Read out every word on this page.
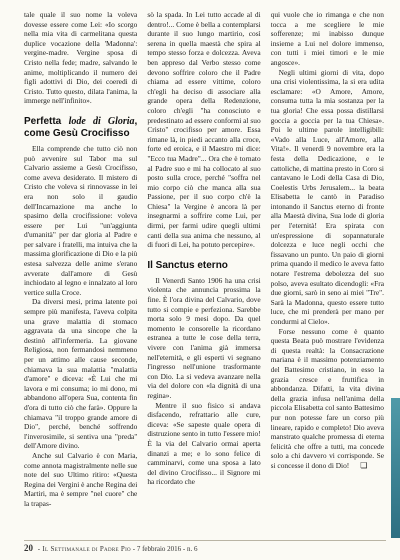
tale quale il suo nome la volevа dovesse essere come Lei: «Io scorgo nella mia vita di carmelitana questa duplice vocazione della 'Madonna': vergine-madre. Vergine sposa di Cristo nella fede; madre, salvando le anime, moltiplicando il numero dei figli adottivi di Dio, dei coeredi di Cristo. Tutto questo, dilata l'anima, la immerge nell'infinito».

Perfetta lode di Gloria, come Gesù Crocifisso

Ella comprende che tutto ciò non può avvenire sul Tabor ma sul Calvario assieme a Gesù Crocifisso, come aveva desiderato. Il mistero di Cristo che voleva si rinnovasse in lei era non solo il gaudio dell'Incarnazione ma anche lo spasimo della crocifissione: voleva essere per Lui "un'aggiunta d'umanità" per dar gloria al Padre e per salvare i fratelli, ma intuiva che la massima glorificazione di Dio e la più estesa salvezza delle anime s'erano avverate dall'amore di Gesù inchiodato al legno e innalzato al loro vertice sulla Croce.

Da diversi mesi, prima latente poi sempre più manifesta, l'aveva colpita una grave malattia di stomaco aggravata da una sincope che la destinò all'infermeria. La giovane Religiosa, non fermandosi nemmeno per un attimo alle cause seconde, chiamava la sua malattia "malattia d'amore" e diceva: «È Lui che mi lavora e mi consuma; io mi dono, mi abbandono all'opera Sua, contenta fin d'ora di tutto ciò che farà». Oppure la chiamava "il troppo grande amore di Dio", perché, benché soffrendo l'inverosimile, si sentiva una "preda" dell'Amore divino.

Anche sul Calvario è con Maria, come annota magistralmente nelle sue note del suo Ultimo ritiro: «Questa Regina dei Vergini è anche Regina dei Martiri, ma è sempre "nel cuore" che la trapas-

sò la spada. In Lei tutto accade al di dentro!... Come è bella a contemplarsi durante il suo lungo martirio, così serena in quella maestà che spira al tempo stesso forza e dolcezza. Aveva ben appreso dal Verbo stesso come devono soffrire coloro che il Padre chiama ad essere vittime, coloro ch'egli ha deciso di associare alla grande opera della Redenzione, coloro ch'egli "ha conosciuto e predestinato ad essere conformi al suo Cristo" crocifisso per amore. Essa rimane là, in piedi accanto alla croce, forte ed eroica, e il Maestro mi dice: "Ecco tua Madre"... Ora che è tornato al Padre suo e mi ha collocato al suo posto sulla croce, perché "soffra nel mio corpo ciò che manca alla sua Passione, per il suo corpo ch'è la Chiesa" la Vergine è ancora là per insegnarmi a soffrire come Lui, per dirmi, per farmi udire quegli ultimi canti della sua anima che nessuno, al di fuori di Lei, ha potuto percepire».

Il Sanctus eterno

Il Venerdì Santo 1906 ha una crisi violenta che annuncia prossima la fine. È l'ora divina del Calvario, dove tutto si compie e perfeziona. Sarebbe morta solo 9 mesi dopo. Da quel momento le consorelle la ricordano estranea a tutte le cose della terra, vivere con l'anima già immersa nell'eternità, e gli esperti vi segnano l'ingresso nell'unione trasformante con Dio. La si vedeva avanzare nella via del dolore con «la dignità di una regina».

Mentre il suo fisico si andava disfacendo, refrattario alle cure, diceva: «Se sapeste quale opera di distruzione sento in tutto l'essere mio! È la via del Calvario ormai aperta dinanzi a me; e lo sono felice di camminarvi, come una sposa a lato del divino Crocifisso... il Signore mi ha ricordato che

qui vuole che io rimanga e che non tocca a me scegliere le mie sofferenze; mi inabisso dunque insieme a Lui nel dolore immenso, con tutti i miei timori e le mie angosce».

Negli ultimi giorni di vita, dopo una crisi violentissima, la si era udita esclamare: «O Amore, Amore, consuma tutta la mia sostanza per la tua gloria! Che essa possa distillarsi goccia a goccia per la tua Chiesa». Poi le ultime parole intelligibili: «Vado alla Luce, all'Amore, alla Vita!». Il venerdì 9 novembre era la festa della Dedicazione, e le cattoliche, di mattina presto in Coro si cantavano le Lodi della Casa di Dio, Coelestis Urbs Jerusalem... la beata Elisabetta le cantò in Paradiso intonando il Sanctus eterno di fronte alla Maestà divina, Sua lode di gloria per l'eternità! Era spirata con un'espressione di sopannaturale dolcezza e luce negli occhi che fissavano un punto. Un paio di giorni prima quando il medico le aveva fatto notare l'estrema debolezza del suo polso, aveva esultato dicendogli: «Fra due giorni, sarò in seno ai miei "Tre". Sarà la Madonna, questo essere tutto luce, che mi prenderà per mano per condurmi al Cielo».

Forse nessuno come è quanto questa Beata può mostrare l'evidenza di questa realtà: la Consacrazione mariana è il massimo potenziamento del Battesimo cristiano, in esso la grazia cresce e fruttifica in abbondanza. Difatti, la vita divina della grazia infusa nell'anima della piccola Elisabetta col santo Battesimo pur non potesse fare un corso più lineare, rapido e completo! Dio aveva manstrato qualche promessa di eterna felicità che offre a tutti, ma concede solo a chi davvero vi corrisponde. Se si concesse il dono di Dio! ❏

20 - Il Settimanale di Padre Pio - 7 febbraio 2016 - n. 6
